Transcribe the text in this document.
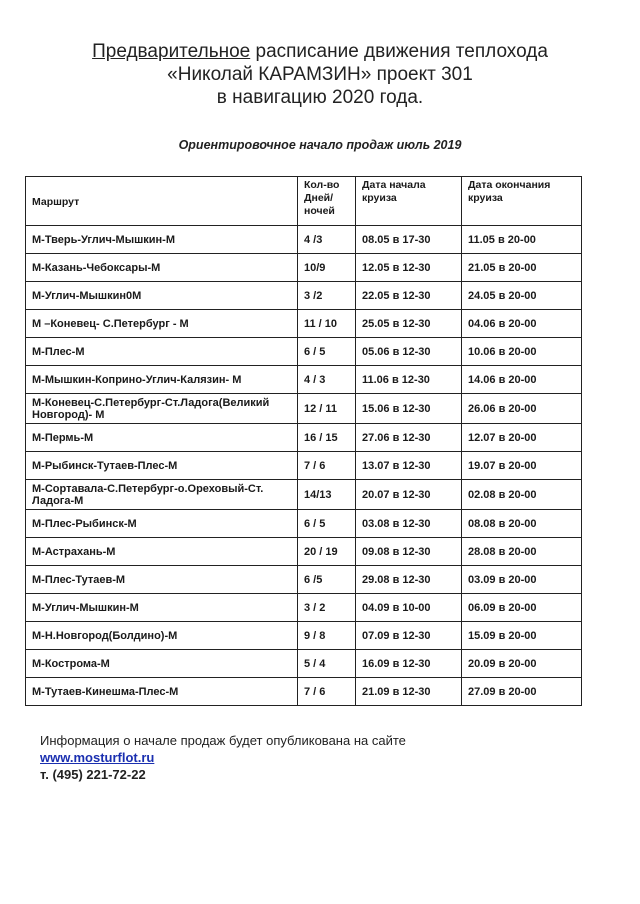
Предварительное расписание движения теплохода
«Николай КАРАМЗИН» проект 301
в навигацию 2020 года.
Ориентировочное начало продаж июль 2019
Маршрут	Кол-во Дней/ночей	Дата начала круиза	Дата окончания круиза
М-Тверь-Углич-Мышкин-М	4 /3	08.05 в 17-30	11.05 в 20-00
М-Казань-Чебоксары-М	10/9	12.05 в 12-30	21.05 в 20-00
М-Углич-Мышкин0М	3 /2	22.05 в 12-30	24.05 в 20-00
М –Коневец- С.Петербург - М	11 / 10	25.05 в 12-30	04.06 в 20-00
М-Плес-М	6 / 5	05.06 в 12-30	10.06 в 20-00
М-Мышкин-Коприно-Углич-Калязин- М	4 / 3	11.06 в 12-30	14.06 в 20-00
М-Коневец-С.Петербург-Ст.Ладога(Великий Новгород)- М	12 / 11	15.06 в 12-30	26.06 в 20-00
М-Пермь-М	16 / 15	27.06 в 12-30	12.07 в 20-00
М-Рыбинск-Тутаев-Плес-М	7 / 6	13.07 в 12-30	19.07 в 20-00
М-Сортавала-С.Петербург-о.Ореховый-Ст. Ладога-М	14/13	20.07 в 12-30	02.08 в 20-00
М-Плес-Рыбинск-М	6 / 5	03.08 в 12-30	08.08 в 20-00
М-Астрахань-М	20 / 19	09.08 в 12-30	28.08 в 20-00
М-Плес-Тутаев-М	6 /5	29.08 в 12-30	03.09 в 20-00
М-Углич-Мышкин-М	3 / 2	04.09 в 10-00	06.09 в 20-00
М-Н.Новгород(Болдино)-М	9 / 8	07.09 в 12-30	15.09 в 20-00
М-Кострома-М	5 / 4	16.09 в 12-30	20.09 в 20-00
М-Тутаев-Кинешма-Плес-М	7 / 6	21.09 в 12-30	27.09 в 20-00
Информация о начале продаж будет опубликована на сайте
www.mosturflot.ru
т. (495) 221-72-22
